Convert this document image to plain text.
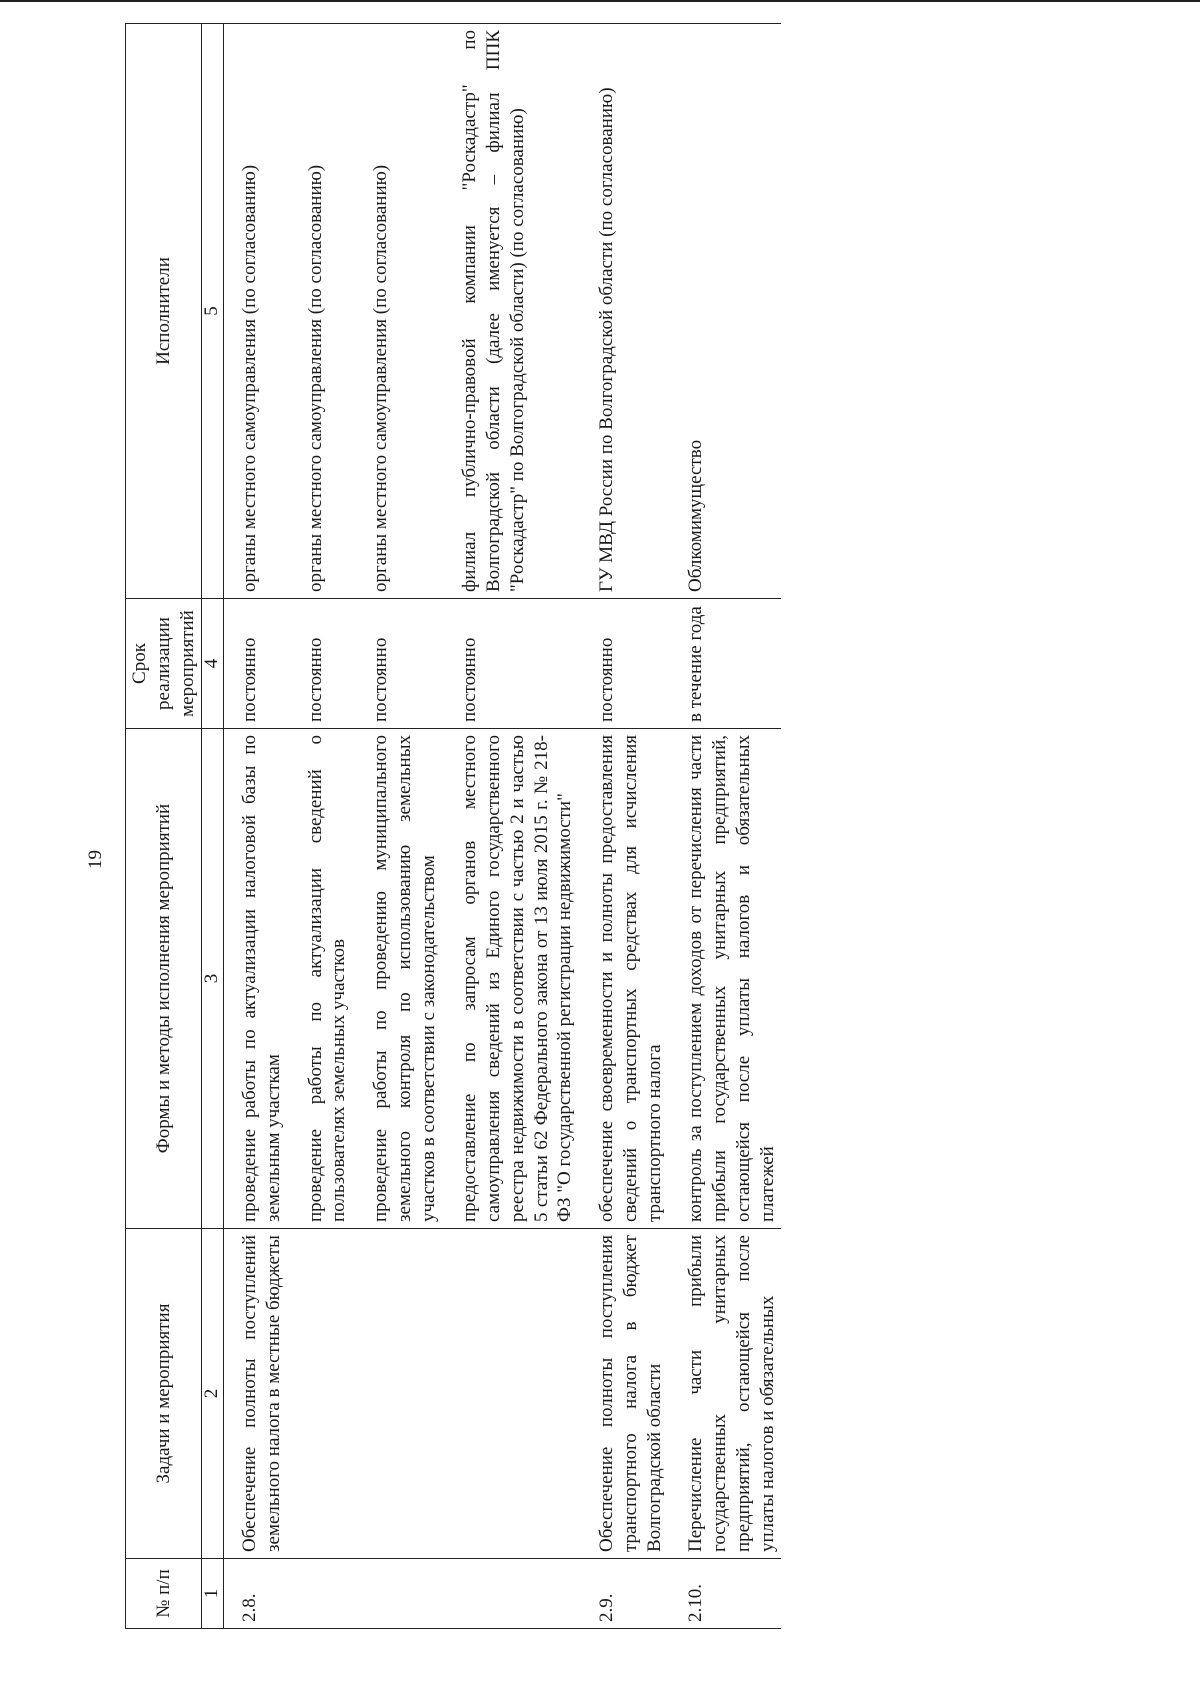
19
№ п/п	Задачи и мероприятия	Формы и методы исполнения мероприятий	Срок реализации мероприятий	Исполнители
1	2	3	4	5
2.8.	Обеспечение полноты поступлений земельного налога в местные бюджеты	проведение работы по актуализации налоговой базы по земельным участкам	постоянно	органы местного самоуправления (по согласованию)
		проведение работы по актуализации сведений о пользователях земельных участков	постоянно	органы местного самоуправления (по согласованию)
		проведение работы по проведению муниципального земельного контроля по использованию земельных участков в соответствии с законодательством	постоянно	органы местного самоуправления (по согласованию)
		предоставление по запросам органов местного самоуправления сведений из Единого государственного реестра недвижимости в соответствии с частью 2 и частью 5 статьи 62 Федерального закона от 13 июля 2015 г. № 218-ФЗ "О государственной регистрации недвижимости"	постоянно	филиал публично-правовой компании "Роскадастр" по Волгоградской области (далее именуется – филиал ППК "Роскадастр" по Волгоградской области) (по согласованию)
2.9.	Обеспечение полноты поступления транспортного налога в бюджет Волгоградской области	обеспечение своевременности и полноты предоставления сведений о транспортных средствах для исчисления транспортного налога	постоянно	ГУ МВД России по Волгоградской области (по согласованию)
2.10.	Перечисление части прибыли государственных унитарных предприятий, остающейся после уплаты налогов и обязательных	контроль за поступлением доходов от перечисления части прибыли государственных унитарных предприятий, остающейся после уплаты налогов и обязательных платежей	в течение года	Облкомимущество
